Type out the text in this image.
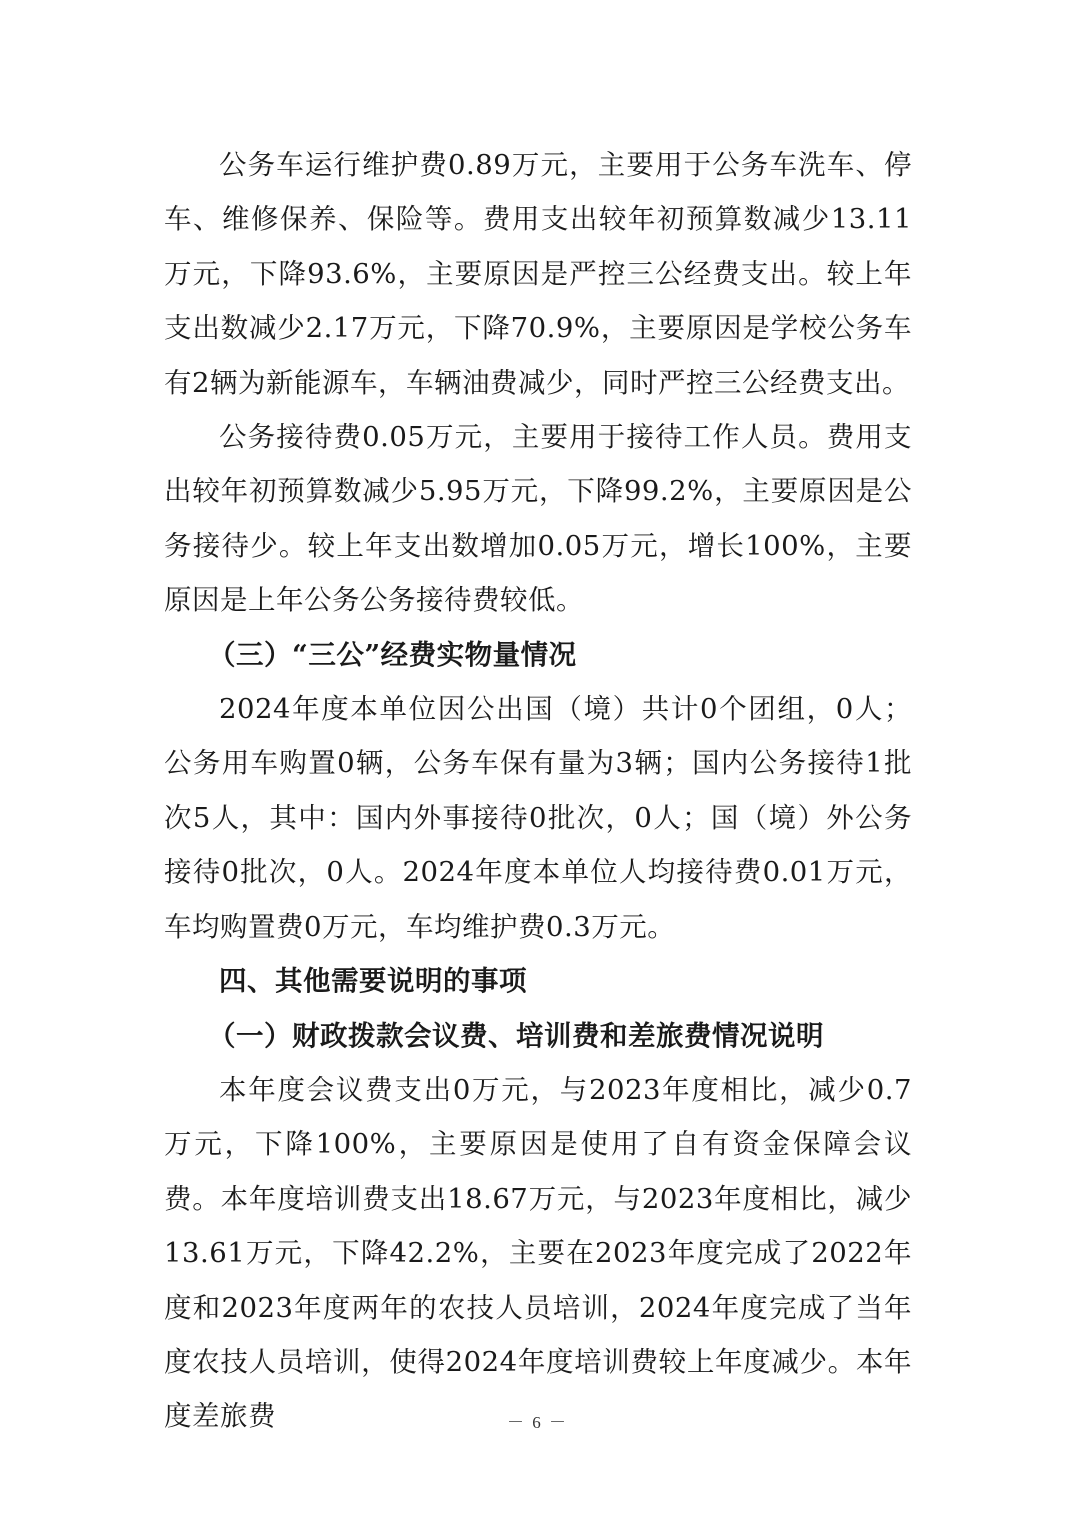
公务车运行维护费0.89万元，主要用于公务车洗车、停车、维修保养、保险等。费用支出较年初预算数减少13.11万元，下降93.6%，主要原因是严控三公经费支出。较上年支出数减少2.17万元，下降70.9%，主要原因是学校公务车有2辆为新能源车，车辆油费减少，同时严控三公经费支出。

公务接待费0.05万元，主要用于接待工作人员。费用支出较年初预算数减少5.95万元，下降99.2%，主要原因是公务接待少。较上年支出数增加0.05万元，增长100%，主要原因是上年公务公务接待费较低。

（三）“三公”经费实物量情况

2024年度本单位因公出国（境）共计0个团组，0人；公务用车购置0辆，公务车保有量为3辆；国内公务接待1批次5人，其中：国内外事接待0批次，0人；国（境）外公务接待0批次，0人。2024年度本单位人均接待费0.01万元，车均购置费0万元，车均维护费0.3万元。

四、其他需要说明的事项

（一）财政拨款会议费、培训费和差旅费情况说明

本年度会议费支出0万元，与2023年度相比，减少0.7万元，下降100%，主要原因是使用了自有资金保障会议费。本年度培训费支出18.67万元，与2023年度相比，减少13.61万元，下降42.2%，主要在2023年度完成了2022年度和2023年度两年的农技人员培训，2024年度完成了当年度农技人员培训，使得2024年度培训费较上年度减少。本年度差旅费	－ 6 －
